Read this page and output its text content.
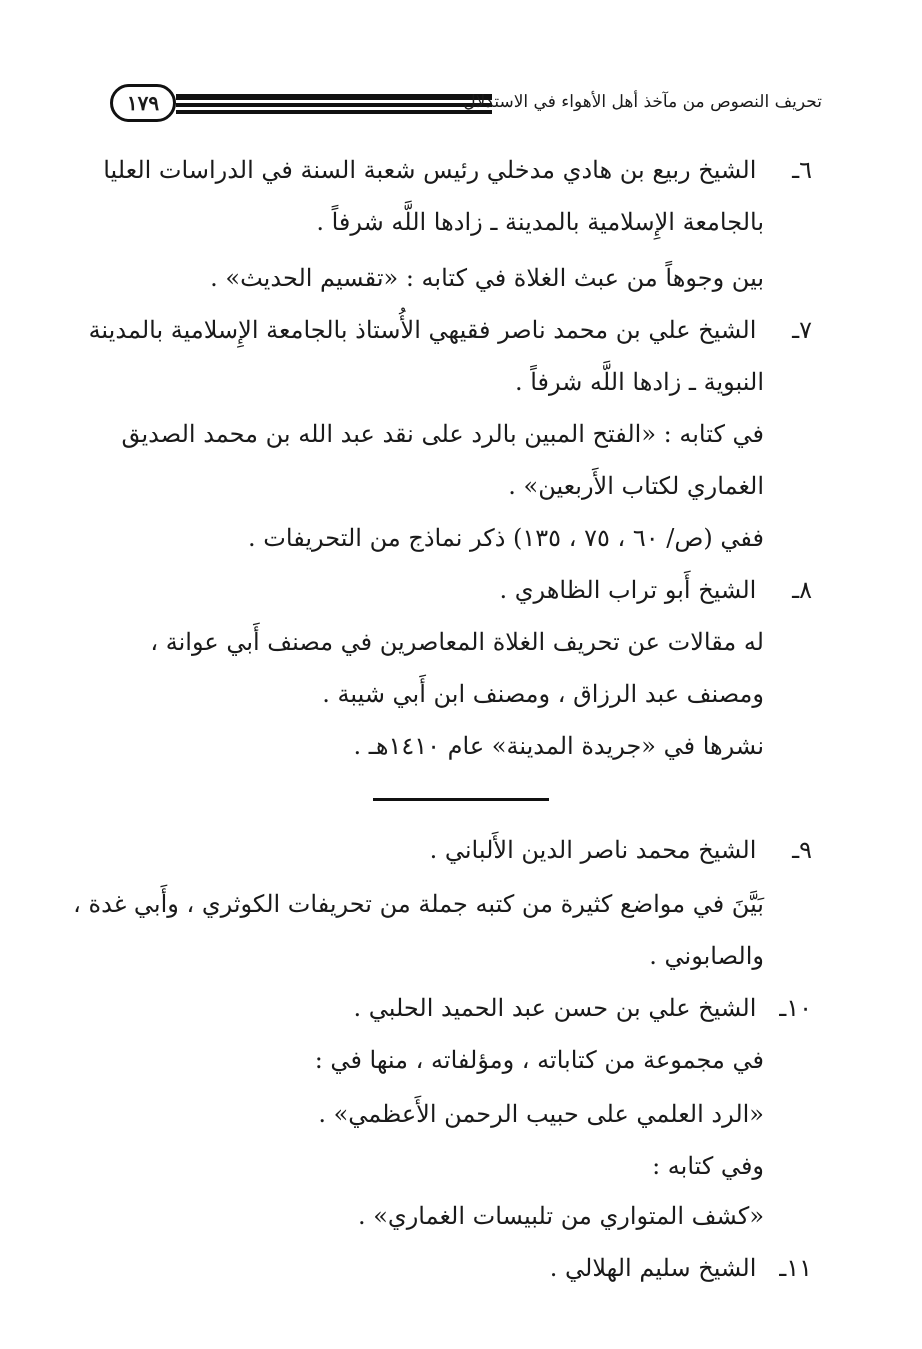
١٧٩	تحريف النصوص من مآخذ أهل الأهواء في الاستدلال
٦ـ الشيخ ربيع بن هادي مدخلي رئيس شعبة السنة في الدراسات العليا
بالجامعة الإِسلامية بالمدينة ـ زادها اللَّه شرفاً .
بين وجوهاً من عبث الغلاة في كتابه : «تقسيم الحديث» .
٧ـ الشيخ علي بن محمد ناصر فقيهي الأُستاذ بالجامعة الإِسلامية بالمدينة
النبوية ـ زادها اللَّه شرفاً .
في كتابه : «الفتح المبين بالرد على نقد عبد الله بن محمد الصديق
الغماري لكتاب الأَربعين» .
ففي (ص/ ٦٠ ، ٧٥ ، ١٣٥) ذكر نماذج من التحريفات .
٨ـ الشيخ أَبو تراب الظاهري .
له مقالات عن تحريف الغلاة المعاصرين في مصنف أَبي عوانة ،
ومصنف عبد الرزاق ، ومصنف ابن أَبي شيبة .
نشرها في «جريدة المدينة» عام ١٤١٠هـ .
٩ـ الشيخ محمد ناصر الدين الأَلباني .
بَيَّنَ في مواضع كثيرة من كتبه جملة من تحريفات الكوثري ، وأَبي غدة ،
والصابوني .
١٠ـ الشيخ علي بن حسن عبد الحميد الحلبي .
في مجموعة من كتاباته ، ومؤلفاته ، منها في :
«الرد العلمي على حبيب الرحمن الأَعظمي» .
وفي كتابه :
«كشف المتواري من تلبيسات الغماري» .
١١ـ الشيخ سليم الهلالي .
